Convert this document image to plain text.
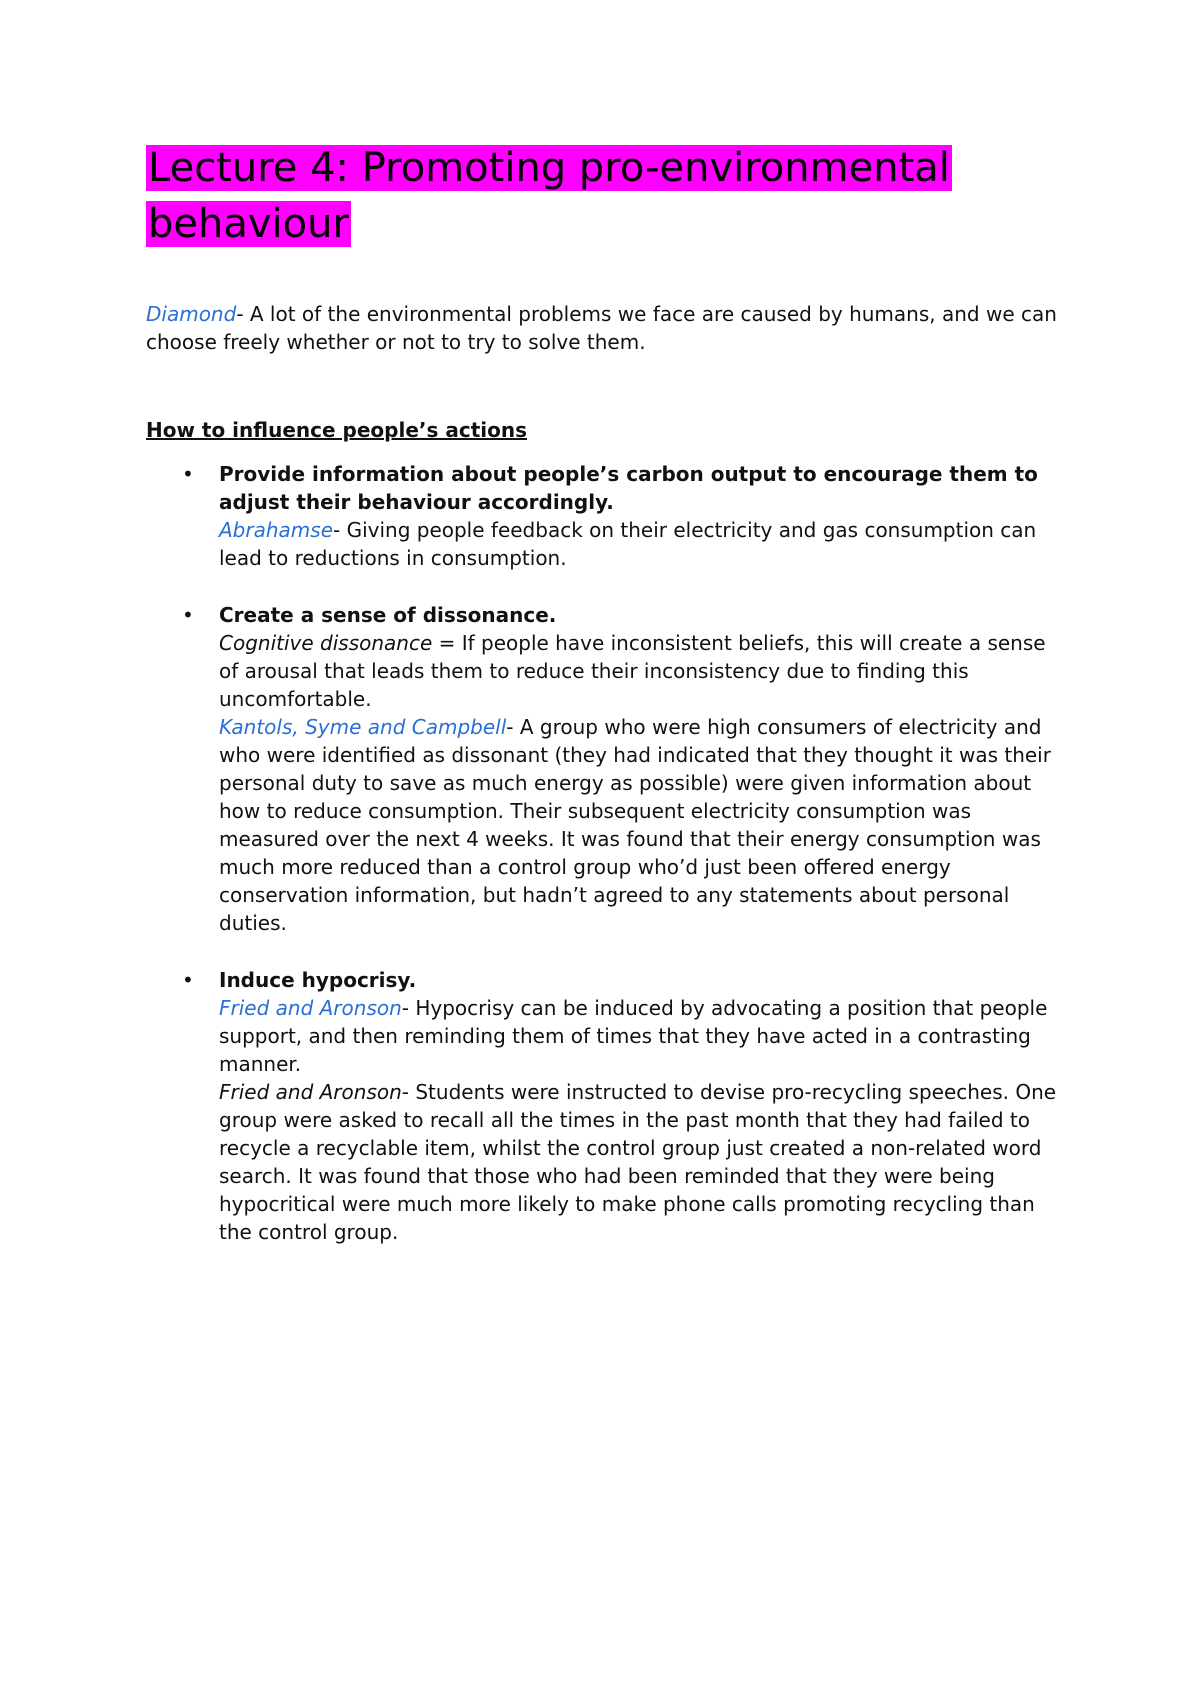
Lecture 4: Promoting pro-environmental behaviour

Diamond- A lot of the environmental problems we face are caused by humans, and we can choose freely whether or not to try to solve them.

How to influence people’s actions
• Provide information about people’s carbon output to encourage them to adjust their behaviour accordingly.

Abrahamse- Giving people feedback on their electricity and gas consumption can lead to reductions in consumption.

• Create a sense of dissonance.

Cognitive dissonance = If people have inconsistent beliefs, this will create a sense of arousal that leads them to reduce their inconsistency due to finding this uncomfortable.

Kantols, Syme and Campbell- A group who were high consumers of electricity and who were identified as dissonant (they had indicated that they thought it was their personal duty to save as much energy as possible) were given information about how to reduce consumption. Their subsequent electricity consumption was measured over the next 4 weeks. It was found that their energy consumption was much more reduced than a control group who’d just been offered energy conservation information, but hadn’t agreed to any statements about personal duties.

• Induce hypocrisy.

Fried and Aronson- Hypocrisy can be induced by advocating a position that people support, and then reminding them of times that they have acted in a contrasting manner.

Fried and Aronson- Students were instructed to devise pro-recycling speeches. One group were asked to recall all the times in the past month that they had failed to recycle a recyclable item, whilst the control group just created a non-related word search. It was found that those who had been reminded that they were being hypocritical were much more likely to make phone calls promoting recycling than the control group.
